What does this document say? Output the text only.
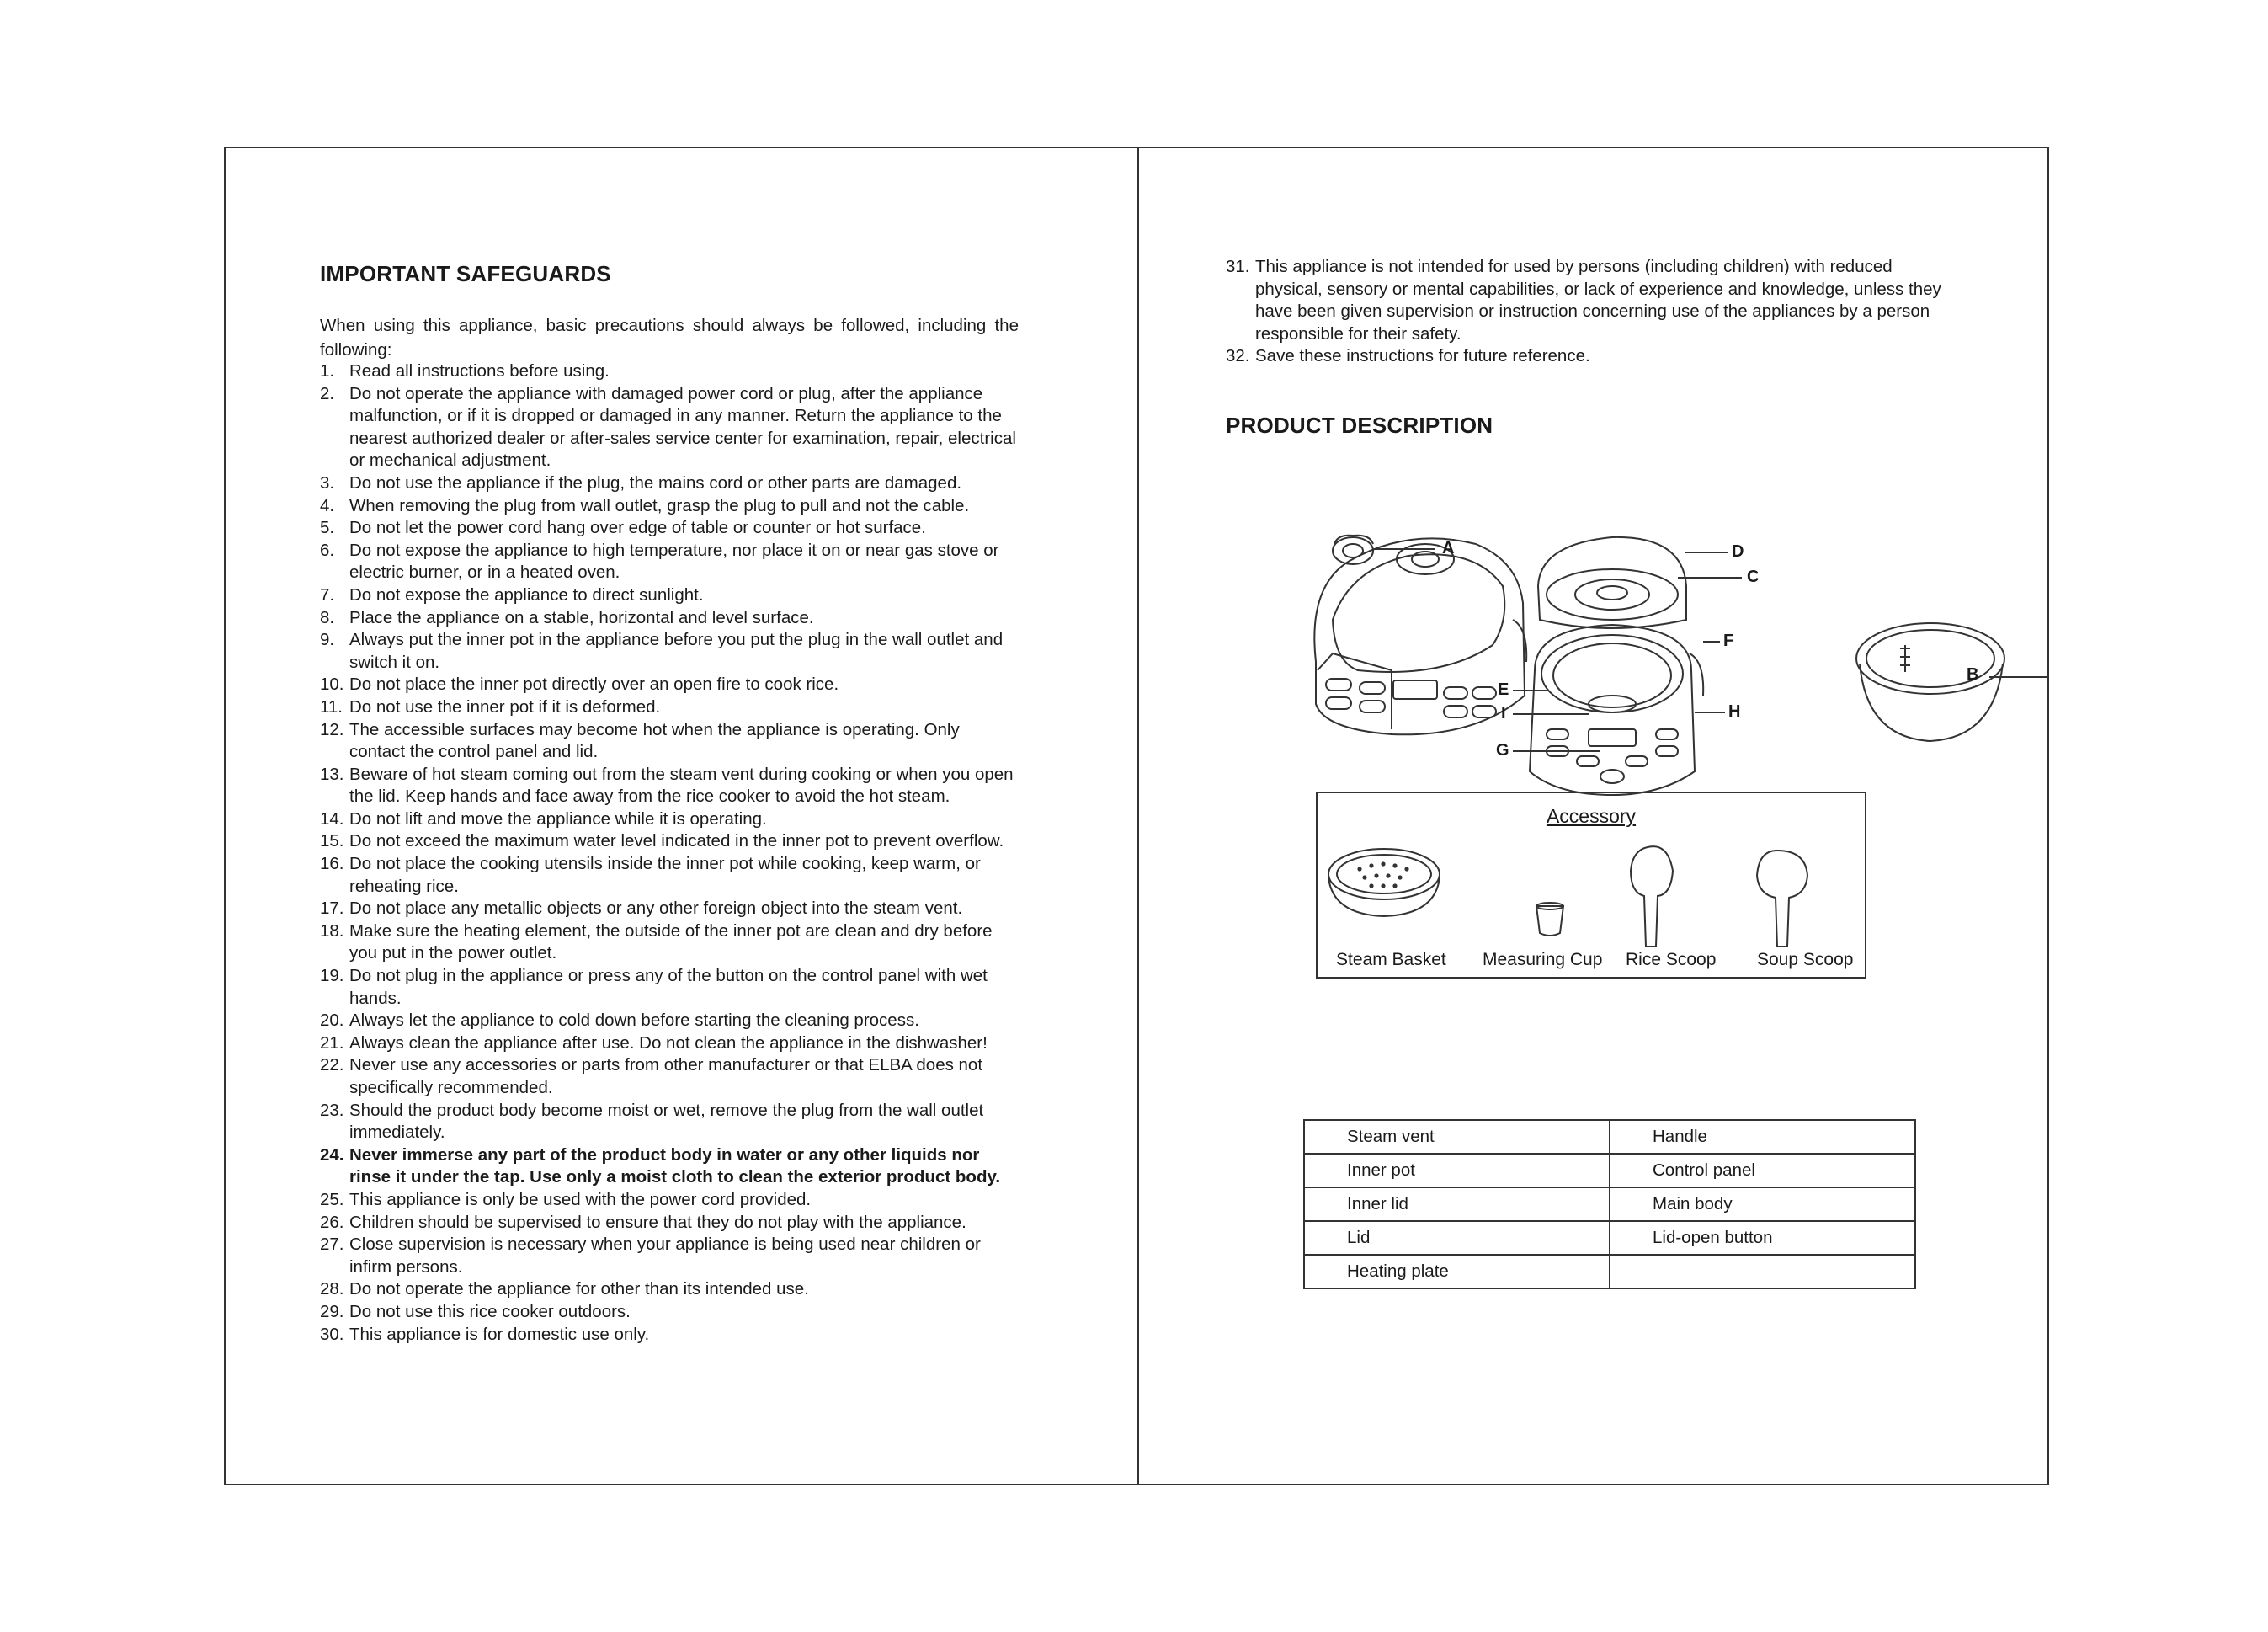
IMPORTANT SAFEGUARDS
When using this appliance, basic precautions should always be followed, including the following:
1. Read all instructions before using.
2. Do not operate the appliance with damaged power cord or plug, after the appliance malfunction, or if it is dropped or damaged in any manner. Return the appliance to the nearest authorized dealer or after-sales service center for examination, repair, electrical or mechanical adjustment.
3. Do not use the appliance if the plug, the mains cord or other parts are damaged.
4. When removing the plug from wall outlet, grasp the plug to pull and not the cable.
5. Do not let the power cord hang over edge of table or counter or hot surface.
6. Do not expose the appliance to high temperature, nor place it on or near gas stove or electric burner, or in a heated oven.
7. Do not expose the appliance to direct sunlight.
8. Place the appliance on a stable, horizontal and level surface.
9. Always put the inner pot in the appliance before you put the plug in the wall outlet and switch it on.
10. Do not place the inner pot directly over an open fire to cook rice.
11. Do not use the inner pot if it is deformed.
12. The accessible surfaces may become hot when the appliance is operating. Only contact the control panel and lid.
13. Beware of hot steam coming out from the steam vent during cooking or when you open the lid. Keep hands and face away from the rice cooker to avoid the hot steam.
14. Do not lift and move the appliance while it is operating.
15. Do not exceed the maximum water level indicated in the inner pot to prevent overflow.
16. Do not place the cooking utensils inside the inner pot while cooking, keep warm, or reheating rice.
17. Do not place any metallic objects or any other foreign object into the steam vent.
18. Make sure the heating element, the outside of the inner pot are clean and dry before you put in the power outlet.
19. Do not plug in the appliance or press any of the button on the control panel with wet hands.
20. Always let the appliance to cold down before starting the cleaning process.
21. Always clean the appliance after use. Do not clean the appliance in the dishwasher!
22. Never use any accessories or parts from other manufacturer or that ELBA does not specifically recommended.
23. Should the product body become moist or wet, remove the plug from the wall outlet immediately.
24. Never immerse any part of the product body in water or any other liquids nor rinse it under the tap. Use only a moist cloth to clean the exterior product body.
25. This appliance is only be used with the power cord provided.
26. Children should be supervised to ensure that they do not play with the appliance.
27. Close supervision is necessary when your appliance is being used near children or infirm persons.
28. Do not operate the appliance for other than its intended use.
29. Do not use this rice cooker outdoors.
30. This appliance is for domestic use only.
31. This appliance is not intended for used by persons (including children) with reduced physical, sensory or mental capabilities, or lack of experience and knowledge, unless they have been given supervision or instruction concerning use of the appliances by a person responsible for their safety.
32. Save these instructions for future reference.
PRODUCT DESCRIPTION
A	D
C
F
E
I
G
H
Accessory
Steam Basket Measuring Cup Rice Scoop Soup Scoop
Steam vent	Handle
Inner pot	Control panel
Inner lid	Main body
Lid	Lid-open button
Heating plate	
B
